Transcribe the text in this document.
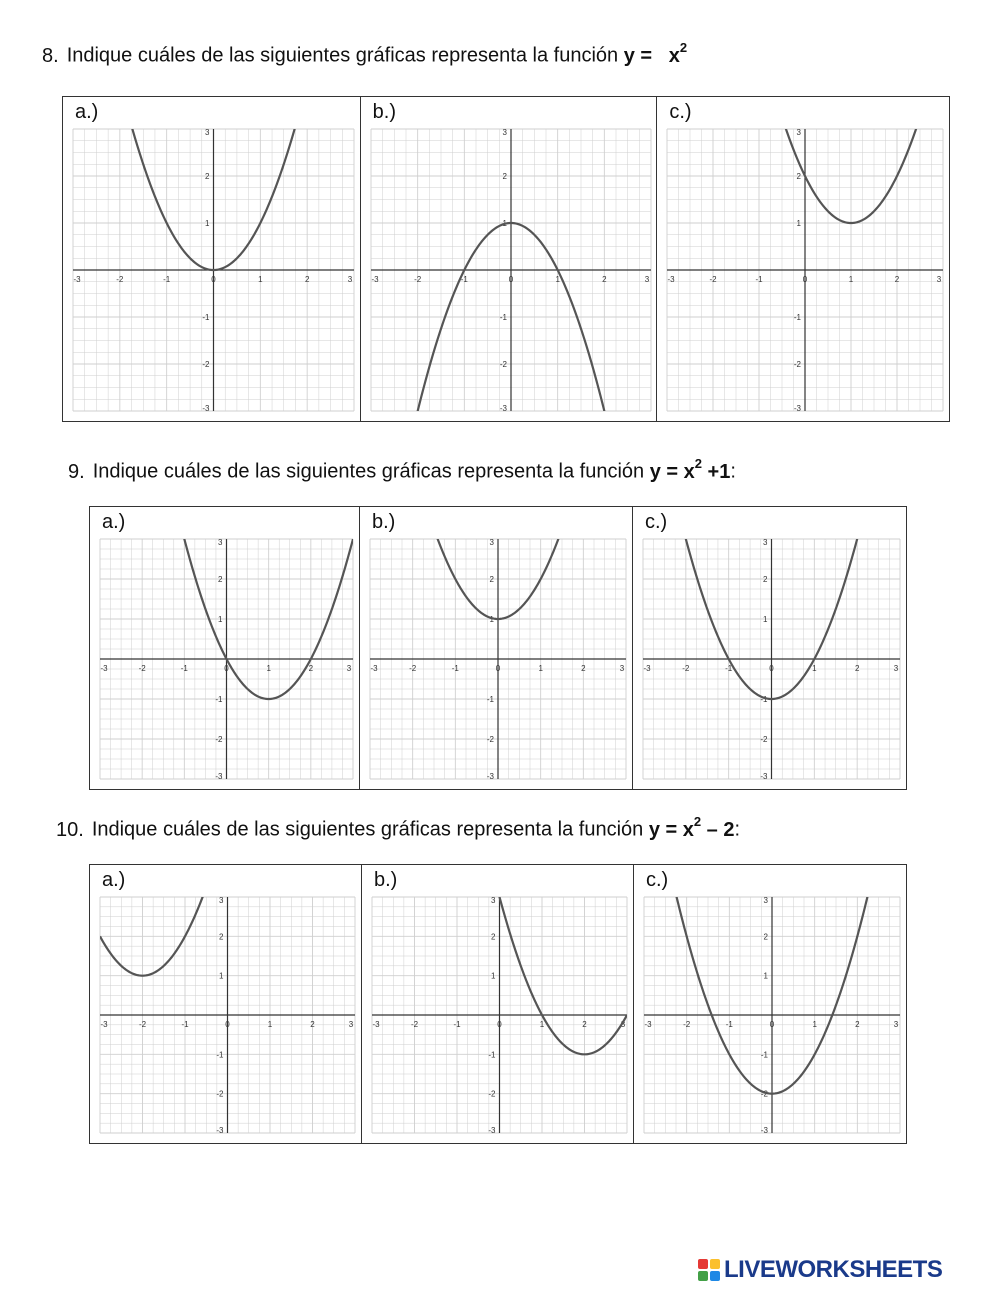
8. Indique cuáles de las siguientes gráficas representa la función $y = x^2$
-3	-2	-1	0	1	2	3
3
2
1
-1
-2
-3
a.)
-3	-2	-1	0	1	2	3
3
2
1
-1
-2
-3
b.)
-3	-2	-1	0	1	2	3
3
2
1
-1
-2
-3
c.)
9. Indique cuáles de las siguientes gráficas representa la función $y = x^2 +1$:
-3	-2	-1	0	1	2	3
3
2
1
-1
-2
-3
a.)
-3	-2	-1	0	1	2	3
3
2
1
-1
-2
-3
b.)
-3	-2	-1	0	1	2	3
3
2
1
-1
-2
-3
c.)
10. Indique cuáles de las siguientes gráficas representa la función $y = x^2 - 2$:
-3	-2	-1	0	1	2	3
3
2
1
-1
-2
-3
a.)
-3	-2	-1	0	1	2	3
3
2
1
-1
-2
-3
b.)
-3	-2	-1	0	1	2	3
3
2
1
-1
-2
-3
c.)
LIVEWORKSHEETS
